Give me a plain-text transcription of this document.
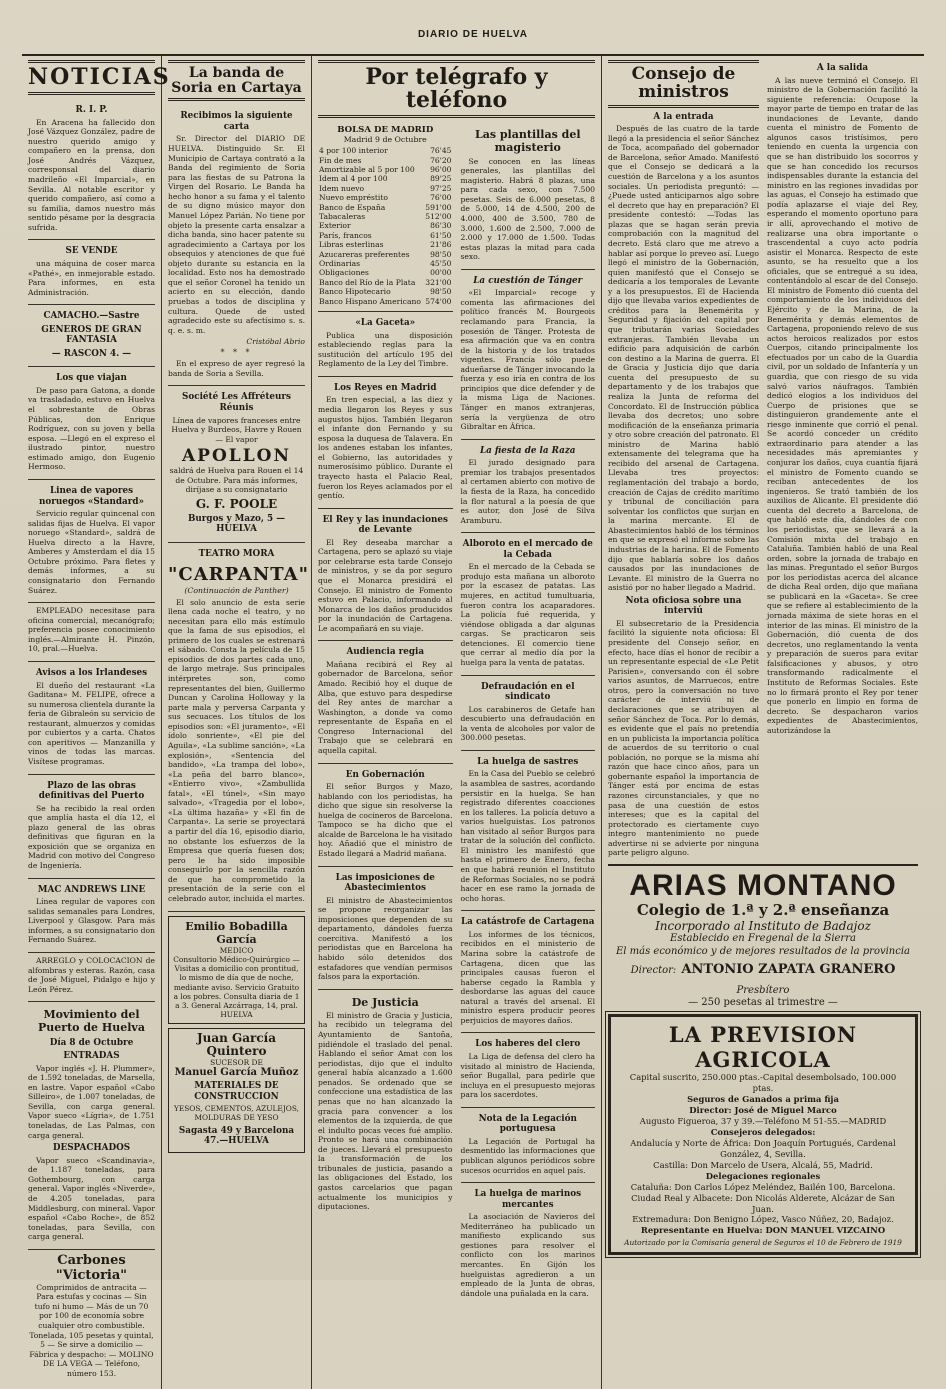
DIARIO DE HUELVA
NOTICIAS
R. I. P.

En Aracena ha fallecido don José Vázquez González, padre de nuestro querido amigo y compañero en la prensa, don José Andrés Vázquez, corresponsal del diario madrileño «El Imparcial», en Sevilla. Al notable escritor y querido compañero, así como a su familia, damos nuestro más sentido pésame por la desgracia sufrida.

SE VENDE

una máquina de coser marca «Pathé», en inmejorable estado. Para informes, en esta Administración.

CAMACHO.—Sastre
GENEROS DE GRAN FANTASIA
— RASCON 4. —
Los que viajan

De paso para Gatona, a donde va trasladado, estuvo en Huelva el sobrestante de Obras Públicas, don Enrique Rodríguez, con su joven y bella esposa. —Llegó en el expreso el ilustrado pintor, nuestro estimado amigo, don Eugenio Hermoso.

Linea de vapores noruegos «Standard»

Servicio regular quincenal con salidas fijas de Huelva. El vapor noruego «Standard», saldrá de Huelva directo a la Havre, Amberes y Amsterdam el día 15 Octubre próximo. Para fletes y demás informes, a su consignatario don Fernando Suárez.

EMPLEADO necesitase para oficina comercial, mecanógrafo; preferencia posee conocimiento inglés.—Almirante H. Pinzón, 10, pral.—Huelva.

Avisos a los Irlandeses

El dueño del restaurant «La Gaditana» M. FELIPE, ofrece a su numerosa clientela durante la feria de Gibraleón su servicio de restaurant, almuerzos y comidas por cubiertos y a carta. Chatos con aperitivos — Manzanilla y vinos de todas las marcas. Visítese programas.

Plazo de las obras definitivas del Puerto

Se ha recibido la real orden que amplía hasta el día 12, el plazo general de las obras definitivas que figuran en la exposición que se organiza en Madrid con motivo del Congreso de Ingeniería.

MAC ANDREWS LINE

Línea regular de vapores con salidas semanales para Londres, Liverpool y Glasgow. Para más informes, a su consignatario don Fernando Suárez.

ARREGLO y COLOCACION de alfombras y esteras. Razón, casa de José Miguel, Pidalgo e hijo y León Pérez.

Movimiento del Puerto de Huelva
Día 8 de Octubre
ENTRADAS

Vapor inglés «J. H. Plummer», de 1.592 toneladas, de Marsella, en lastre. Vapor español «Cabo Silleiro», de 1.007 toneladas, de Sevilla, con carga general. Vapor sueco «Lígria», de 1.751 toneladas, de Las Palmas, con carga general.

DESPACHADOS

Vapor sueco «Scandinavia», de 1.187 toneladas, para Gothembourg, con carga general. Vapor inglés «Niverde», de 4.205 toneladas, para Middlesburg, con mineral. Vapor español «Cabo Roche», de 852 toneladas, para Sevilla, con carga general.

Carbones "Victoria"

Comprimidos de antracita — Para estufas y cocinas — Sin tufo ni humo — Más de un 70 por 100 de economía sobre cualquier otro combustible. Tonelada, 105 pesetas y quintal, 5 — Se sirve a domicilio — Fábrica y despacho: — MOLINO DE LA VEGA — Teléfono, número 153.

La banda de Soria en Cartaya
Recibimos la siguiente carta

Sr. Director del DIARIO DE HUELVA. Distinguido Sr. El Municipio de Cartaya contrató a la Banda del regimiento de Soria para las fiestas de su Patrona la Virgen del Rosario. Le Banda ha hecho honor a su fama y el talento de su digno músico mayor don Manuel López Parián. No tiene por objeto la presente carta ensalzar a dicha banda, sino hacer patente su agradecimiento a Cartaya por los obsequios y atenciones de que fué objeto durante su estancia en la localidad. Esto nos ha demostrado que el señor Coronel ha tenido un acierto en su elección, dando pruebas a todos de disciplina y cultura. Quede de usted agradecido este su afectísimo s. s. q. e. s. m.

Cristóbal Abrio
* * *

En el expreso de ayer regresó la banda de Soria a Sevilla.

Société Les Affréteurs Réunis

Línea de vapores franceses entre Huelva y Burdeos, Havre y Rouen — El vapor

APOLLON

saldrá de Huelva para Rouen el 14 de Octubre. Para más informes, diríjase a su consignatario

G. F. POOLE
Burgos y Mazo, 5 — HUELVA
TEATRO MORA
"CARPANTA"
(Continuación de Panther)

El solo anuncio de esta serie llena cada noche el teatro, y no necesitan para ello más estímulo que la fama de sus episodios, el primero de los cuales se estrenará el sábado. Consta la película de 15 episodios de dos partes cada uno, de largo metraje. Sus principales intérpretes son, como representantes del bien, Guillermo Duncan y Carolina Holloway y la parte mala y perversa Carpanta y sus secuaces. Los títulos de los episodios son: «El juramento», «El ídolo sonriente», «El pie del Aguila», «La sublime sanción», «La explosión», «Sentencia del bandido», «La trampa del lobo», «La peña del barro blanco», «Entierro vivo», «Zambullida fatal», «El túnel», «Sin mayo salvado», «Tragedia por el lobo», «La última hazaña» y «El fin de Carpanta». La serie se proyectará a partir del día 16, episodio diario, no obstante los esfuerzos de la Empresa que quería fuesen dos; pero le ha sido imposible conseguirlo por la sencilla razón de que ha comprometido la presentación de la serie con el celebrado autor, incluida el martes.

Emilio Bobadilla García
MEDICO
Consultorio Médico-Quirúrgico — Visitas a domicilio con prontitud, lo mismo de día que de noche, mediante aviso. Servicio Gratuito a los pobres. Consulta diaria de 1 a 3. General Azcárraga, 14, pral. HUELVA
Juan García Quintero
SUCESOR DE
Manuel García Muñoz
MATERIALES DE CONSTRUCCION
YESOS, CEMENTOS, AZULEJOS, MOLDURAS DE YESO
Sagasta 49 y Barcelona 47.—HUELVA
Por telégrafo y teléfono
BOLSA DE MADRID
Madrid 9 de Octubre
4 por 100 interior	76'45
Fin de mes	76'20
Amortizable al 5 por 100	96'00
Idem al 4 por 100	89'25
Idem nuevo	97'25
Nuevo empréstito	76'00
Banco de España	591'00
Tabacaleras	512'00
Exterior	86'30
París, francos	61'50
Libras esterlinas	21'86
Azucareras preferentes	98'50
Ordinarias	45'50
Obligaciones	00'00
Banco del Río de la Plata	321'00
Banco Hipotecario	98'50
Banco Hispano Americano	574'00
«La Gaceta»

Publica una disposición estableciendo reglas para la sustitución del artículo 195 del Reglamento de la Ley del Timbre.

Los Reyes en Madrid

En tren especial, a las diez y media llegaron los Reyes y sus augustos hijos. También llegaron el infante don Fernando y su esposa la duquesa de Talavera. En los andenes estaban los infantes, el Gobierno, las autoridades y numerosísimo público. Durante el trayecto hasta el Palacio Real, fueron los Reyes aclamados por el gentío.

El Rey y las inundaciones de Levante

El Rey deseaba marchar a Cartagena, pero se aplazó su viaje por celebrarse esta tarde Consejo de ministros, y se da por seguro que el Monarca presidirá el Consejo. El ministro de Fomento estuvo en Palacio, informando al Monarca de los daños producidos por la inundación de Cartagena. Le acompañará en su viaje.

Audiencia regia

Mañana recibirá el Rey al gobernador de Barcelona, señor Amado. Recibió hoy el duque de Alba, que estuvo para despedirse del Rey antes de marchar a Washington, a donde va como representante de España en el Congreso Internacional del Trabajo que se celebrará en aquella capital.

En Gobernación

El señor Burgos y Mazo, hablando con los periodistas, ha dicho que sigue sin resolverse la huelga de cocineros de Barcelona. Tampoco se ha dicho que el alcalde de Barcelona le ha visitado hoy. Añadió que el ministro de Estado llegará a Madrid mañana.

Las imposiciones de Abastecimientos

El ministro de Abastecimientos se propone reorganizar las imposiciones que dependen de su departamento, dándoles fuerza coercitiva. Manifestó a los periodistas que en Barcelona ha habido sólo detenidos dos estafadores que vendían permisos falsos para la exportación.

De Justicia

El ministro de Gracia y Justicia, ha recibido un telegrama del Ayuntamiento de Santoña, pidiéndole el traslado del penal. Hablando el señor Amat con los periodistas, dijo que el indulto general había alcanzado a 1.600 penados. Se ordenado que se confeccione una estadística de las penas que no han alcanzado la gracia para convencer a los elementos de la izquierda, de que el indulto pocas veces fué amplio. Pronto se hará una combinación de jueces. Llevará el presupuesto la transformación de los tribunales de justicia, pasando a las obligaciones del Estado, los gastos carcelarios que pagan actualmente los municipios y diputaciones.

Las plantillas del magisterio

Se conocen en las líneas generales, las plantillas del magisterio. Habrá 8 plazas, una para cada sexo, con 7.500 pesetas. Seis de 6.000 pesetas, 8 de 5.000, 14 de 4.500, 200 de 4.000, 400 de 3.500, 780 de 3.000, 1.600 de 2.500, 7.000 de 2.000 y 17.000 de 1.500. Todas estas plazas la mitad para cada sexo.

La cuestión de Tánger

«El Imparcial» recoge y comenta las afirmaciones del político francés M. Bourgeois reclamando para Francia, la posesión de Tánger. Protesta de esa afirmación que va en contra de la historia y de los tratados vigentes. Francia sólo puede adueñarse de Tánger invocando la fuerza y eso iría en contra de los principios que dice defender y de la misma Liga de Naciones. Tánger en manos extranjeras, sería la vergüenza de otro Gibraltar en África.

La fiesta de la Raza

El jurado designado para premiar los trabajos presentados al certamen abierto con motivo de la fiesta de la Raza, ha concedido la flor natural a la poesía de que es autor, don José de Silva Aramburu.

Alboroto en el mercado de la Cebada

En el mercado de la Cebada se produjo esta mañana un alboroto por la escasez de patatas. Las mujeres, en actitud tumultuaria, fueron contra los acaparadores. La policía fué requerida, y viéndose obligada a dar algunas cargas. Se practicaron seis detenciones. El comercio tiene que cerrar al medio día por la huelga para la venta de patatas.

Defraudación en el sindicato

Los carabineros de Getafe han descubierto una defraudación en la venta de alcoholes por valor de 300.000 pesetas.

La huelga de sastres

En la Casa del Pueblo se celebró la asamblea de sastres, acordando persistir en la huelga. Se han registrado diferentes coacciones en los talleres. La policía detuvo a varios huelguistas. Los patronos han visitado al señor Burgos para tratar de la solución del conflicto. El ministro les manifestó que hasta el primero de Enero, fecha en que habrá reunión el Instituto de Reformas Sociales, no se podrá hacer en ese ramo la jornada de ocho horas.

La catástrofe de Cartagena

Los informes de los técnicos, recibidos en el ministerio de Marina sobre la catástrofe de Cartagena, dicen que las principales causas fueron el haberse cegado la Rambla y desbordarse las aguas del cauce natural a través del arsenal. El ministro espera producir peores perjuicios de mayores daños.

Los haberes del clero

La Liga de defensa del clero ha visitado al ministro de Hacienda, señor Bugallal, para pedirle que incluya en el presupuesto mejoras para los sacerdotes.

Nota de la Legación portuguesa

La Legación de Portugal ha desmentido las informaciones que publican algunos periódicos sobre sucesos ocurridos en aquel país.

La huelga de marinos mercantes

La asociación de Navieros del Mediterráneo ha publicado un manifiesto explicando sus gestiones para resolver el conflicto con los marinos mercantes. En Gijón los huelguistas agredieron a un empleado de la Junta de obras, dándole una puñalada en la cara.

Consejo de ministros
A la entrada

Después de las cuatro de la tarde llegó a la presidencia el señor Sánchez de Toca, acompañado del gobernador de Barcelona, señor Amado. Manifestó que el Consejo se dedicará a la cuestión de Barcelona y a los asuntos sociales. Un periodista preguntó: —¿Puede usted anticiparnos algo sobre el decreto que hay en preparación? El presidente contestó: —Todas las plazas que se hagan serán previa comprobación con la magnitud del decreto. Está claro que me atrevo a hablar así porque lo preveo así. Luego llegó el ministro de la Gobernación, quien manifestó que el Consejo se dedicaría a los temporales de Levante y a los presupuestos. El de Hacienda dijo que llevaba varios expedientes de créditos para la Benemérita y Seguridad y fijación del capital por que tributarán varias Sociedades extranjeras. También llevaba un edificio para adquisición de carbón con destino a la Marina de guerra. El de Gracia y Justicia dijo que daría cuenta del presupuesto de su departamento y de los trabajos que realiza la Junta de reforma del Concordato. El de Instrucción pública llevaba dos decretos; uno sobre modificación de la enseñanza primaria y otro sobre creación del patronato. El ministro de Marina habló extensamente del telegrama que ha recibido del arsenal de Cartagena. Llevaba tres proyectos: reglamentación del trabajo a bordo, creación de Cajas de crédito marítimo y tribunal de conciliación para solventar los conflictos que surjan en la marina mercante. El de Abastecimientos habló de los términos en que se expresó el informe sobre las industrias de la harina. El de Fomento dijo que hablaría sobre los daños causados por las inundaciones de Levante. El ministro de la Guerra no asistió por no haber llegado a Madrid.

Nota oficiosa sobre una interviú

El subsecretario de la Presidencia facilitó la siguiente nota oficiosa: El presidente del Consejo señor, en efecto, hace días el honor de recibir a un representante especial de «Le Petit Parisien», conversando con él sobre varios asuntos, de Marruecos, entre otros, pero la conversación no tuvo carácter de interviú ni de declaraciones que se atribuyen al señor Sánchez de Toca. Por lo demás, es evidente que el país no pretendía en un publicista la importancia política de acuerdos de su territorio o cual población, no porque se la misma ahí razón que hace cinco años, para un gobernante español la importancia de Tánger está por encima de estas razones circunstanciales, y que no pasa de una cuestión de estos intereses; que es la capital del protectorado es ciertamente cuyo integro mantenimiento no puede advertirse ni se advierte por ninguna parte peligro alguno.

A la salida

A las nueve terminó el Consejo. El ministro de la Gobernación facilitó la siguiente referencia: Ocupose la mayor parte de tiempo en tratar de las inundaciones de Levante, dando cuenta el ministro de Fomento de algunos casos tristísimos, pero teniendo en cuenta la urgencia con que se han distribuido los socorros y que se han concedido los recursos indispensables durante la estancia del ministro en las regiones invadidas por las aguas, el Consejo ha estimado que podía aplazarse el viaje del Rey, esperando el momento oportuno para ir allí, aprovechando el motivo de realizarse una obra importante o trascendental a cuyo acto podría asistir el Monarca. Respecto de este asunto, se ha resuelto que a los oficiales, que se entregué a su idea, contentándolo al escar de del Consejo. El ministro de Fomento dió cuenta del comportamiento de los individuos del Ejército y de la Marina, de la Benemérita y demás elementos de Cartagena, proponiendo relevo de sus actos heroicos realizados por estos Cuerpos, citando principalmente los efectuados por un cabo de la Guardia civil, por un soldado de Infantería y un guardia, que con riesgo de su vida salvó varios náufragos. También dedicó elogios a los individuos del Cuerpo de prisiones que se distinguieron grandemente ante el riesgo inminente que corrió el penal. Se acordó conceder un crédito extraordinario para atender a las necesidades más apremiantes y conjurar los daños, cuya cuantía fijará el ministro de Fomento cuando se reciban antecedentes de los ingenieros. Se trató también de los auxilios de Alicante. El presidente dió cuenta del decreto a Barcelona, de que habló este día, dándoles de con los periodistas, que se llevará a la Comisión mixta del trabajo en Cataluña. También habló de una Real orden, sobre la jornada de trabajo en las minas. Preguntado el señor Burgos por los periodistas acerca del alcance de dicha Real orden, dijo que mañana se publicará en la «Gaceta». Se cree que se refiere al establecimiento de la jornada máxima de siete horas en el interior de las minas. El ministro de la Gobernación, dió cuenta de dos decretos, uno reglamentando la venta y preparación de sueros para evitar falsificaciones y abusos, y otro transformando radicalmente el Instituto de Reformas Sociales. Este no lo firmará pronto el Rey por tener que ponerlo en limpio en forma de decreto. Se despacharon varios expedientes de Abastecimientos, autorizándose la

ARIAS MONTANO
Colegio de 1.ª y 2.ª enseñanza
Incorporado al Instituto de Badajoz
Establecido en Fregenal de la Sierra
El más económico y de mejores resultados de la provincia
Director: ANTONIO ZAPATA GRANERO Presbítero
— 250 pesetas al trimestre —
LA PREVISION AGRICOLA
Capital suscrito, 250.000 ptas.-Capital desembolsado, 100.000 ptas.
Seguros de Ganados a prima fija
Director: José de Miguel Marco
Augusto Figueroa, 37 y 39.—Teléfono M 51-55.—MADRID
Consejeros delegados:
Andalucía y Norte de África: Don Joaquín Portugués, Cardenal González, 4, Sevilla.
Castilla: Don Marcelo de Usera, Alcalá, 55, Madrid.
Delegaciones regionales
Cataluña: Don Carlos López Meléndez, Bailén 100, Barcelona.
Ciudad Real y Albacete: Don Nicolás Alderete, Alcázar de San Juan.
Extremadura: Don Benigno López, Vasco Núñez, 20, Badajoz.
Representante en Huelva: DON MANUEL VIZCAINO
Autorizado por la Comisaría general de Seguros el 10 de Febrero de 1919
